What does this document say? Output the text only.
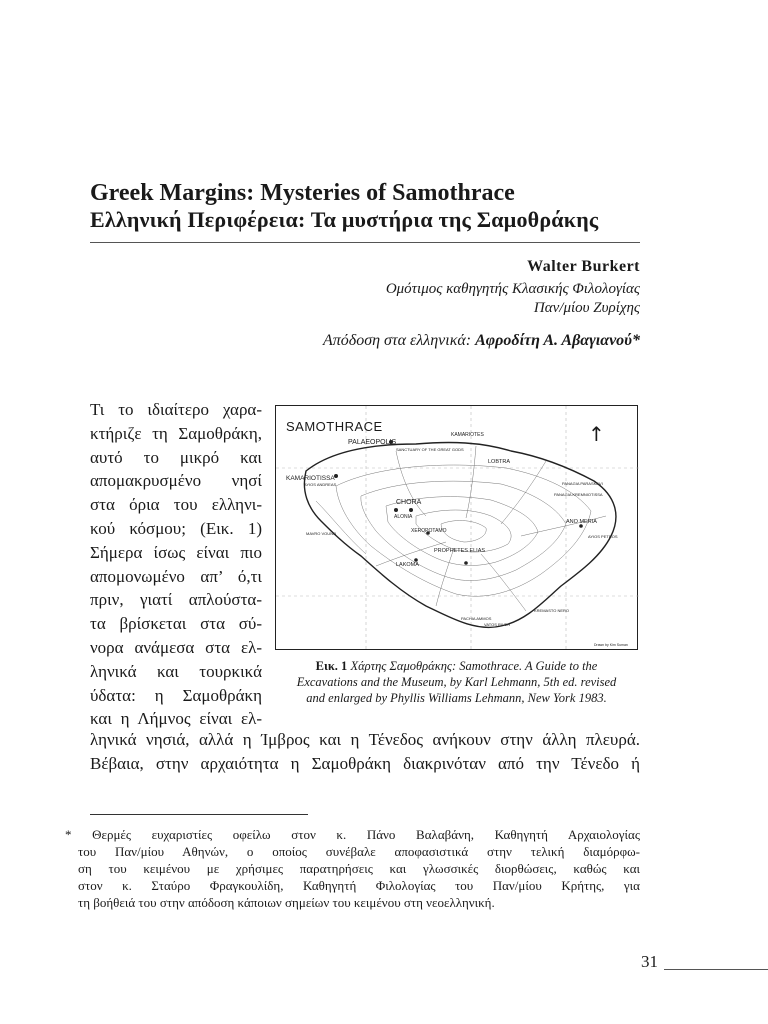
Greek Margins: Mysteries of Samothrace
Ελληνική Περιφέρεια: Τα μυστήρια της Σαμοθράκης
Walter Burkert
Ομότιμος καθηγητής Κλασικής Φιλολογίας
Παν/μίου Ζυρίχης
Απόδοση στα ελληνικά: Αφροδίτη Α. Αβαγιανού*
Τι το ιδιαίτερο χαρα-
κτήριζε τη Σαμοθράκη,
αυτό το μικρό και
απομακρυσμένο νησί
στα όρια του ελληνι-
κού κόσμου; (Εικ. 1)
Σήμερα ίσως είναι πιο
απομονωμένο απ’ ό,τι
πριν, γιατί απλούστα-
τα βρίσκεται στα σύ-
νορα ανάμεσα στα ελ-
ληνικά και τουρκικά
ύδατα: η Σαμοθράκη
και η Λήμνος είναι ελ-
PALAEOPOLIS
SANCTUARY OF THE GREAT GODS
KAMARIOTISSA
CHORA
ALONIA
XEROPOTAMO
PROPHETES ELIAS
LAKOMA
LOBTRA
ANO MERIA
KAMARIOTES
PANAGIA KREMNIOTISSA
PACHIA AMMOS
VATOS RIVER
KREMASTO NERO
MAVRO VOUNO
AYIOS ANDREAS	PANAGIA PARASKEVI
AYIOS PETROS
Drawn by Kim Suman
SAMOTHRACE	↑
Εικ. 1 Χάρτης Σαμοθράκης: Samothrace. A Guide to the
Excavations and the Museum, by Karl Lehmann, 5th ed. revised
and enlarged by Phyllis Williams Lehmann, New York 1983.
ληνικά νησιά, αλλά η Ίμβρος και η Τένεδος ανήκουν στην άλλη πλευρά.
Βέβαια, στην αρχαιότητα η Σαμοθράκη διακρινόταν από την Τένεδο ή
* Θερμές ευχαριστίες οφείλω στον κ. Πάνο Βαλαβάνη, Καθηγητή Αρχαιολογίας
του Παν/μίου Αθηνών, ο οποίος συνέβαλε αποφασιστικά στην τελική διαμόρφω-
ση του κειμένου με χρήσιμες παρατηρήσεις και γλωσσικές διορθώσεις, καθώς και
στον κ. Σταύρο Φραγκουλίδη, Καθηγητή Φιλολογίας του Παν/μίου Κρήτης, για
τη βοήθειά του στην απόδοση κάποιων σημείων του κειμένου στη νεοελληνική.
31
